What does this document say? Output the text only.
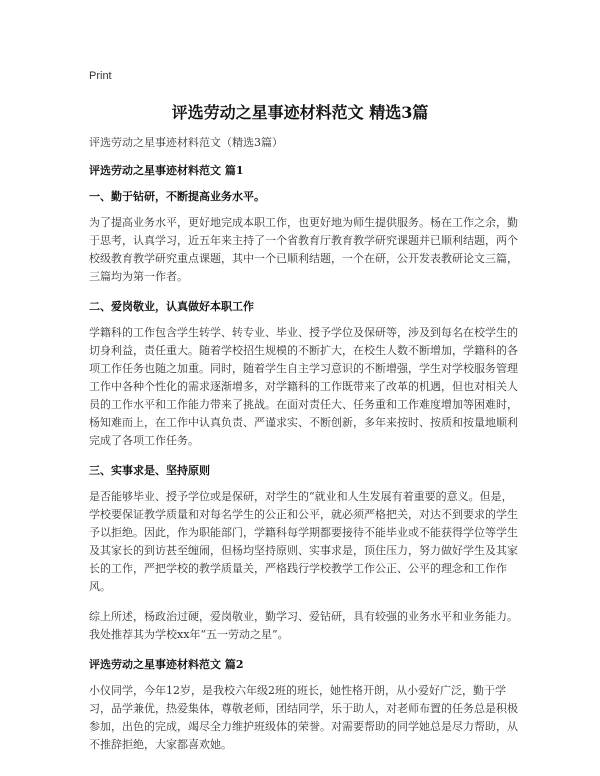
Print
评选劳动之星事迹材料范文 精选3篇

评选劳动之星事迹材料范文（精选3篇）

评选劳动之星事迹材料范文 篇1

一、勤于钻研，不断提高业务水平。

为了提高业务水平，更好地完成本职工作，也更好地为师生提供服务。杨在工作之余，勤于思考，认真学习，近五年来主持了一个省教育厅教育教学研究课题并已顺利结题，两个校级教育教学研究重点课题，其中一个已顺利结题，一个在研，公开发表教研论文三篇，三篇均为第一作者。

二、爱岗敬业，认真做好本职工作

学籍科的工作包含学生转学、转专业、毕业、授予学位及保研等，涉及到每名在校学生的切身利益，责任重大。随着学校招生规模的不断扩大，在校生人数不断增加，学籍科的各项工作任务也随之加重。同时，随着学生自主学习意识的不断增强，学生对学校服务管理工作中各种个性化的需求逐渐增多，对学籍科的工作既带来了改革的机遇，但也对相关人员的工作水平和工作能力带来了挑战。在面对责任大、任务重和工作难度增加等困难时，杨知难而上，在工作中认真负责、严谨求实、不断创新，多年来按时、按质和按量地顺利完成了各项工作任务。

三、实事求是、坚持原则

是否能够毕业、授予学位或是保研，对学生的“就业和人生发展有着重要的意义。但是，学校要保证教学质量和对每名学生的公正和公平，就必须严格把关，对达不到要求的学生予以拒绝。因此，作为职能部门，学籍科每学期都要接待不能毕业或不能获得学位等学生及其家长的到访甚至缠闹，但杨均坚持原则、实事求是，顶住压力，努力做好学生及其家长的工作，严把学校的教学质量关，严格践行学校教学工作公正、公平的理念和工作作风。

综上所述，杨政治过硬，爱岗敬业，勤学习、爱钻研，具有较强的业务水平和业务能力。我处推荐其为学校xx年“五一劳动之星”。

评选劳动之星事迹材料范文 篇2

小仪同学，今年12岁，是我校六年级2班的班长，她性格开朗，从小爱好广泛，勤于学习，品学兼优，热爱集体，尊敬老师，团结同学，乐于助人，对老师布置的任务总是积极参加，出色的完成，竭尽全力维护班级体的荣誉。对需要帮助的同学她总是尽力帮助，从不推辞拒绝，大家都喜欢她。
